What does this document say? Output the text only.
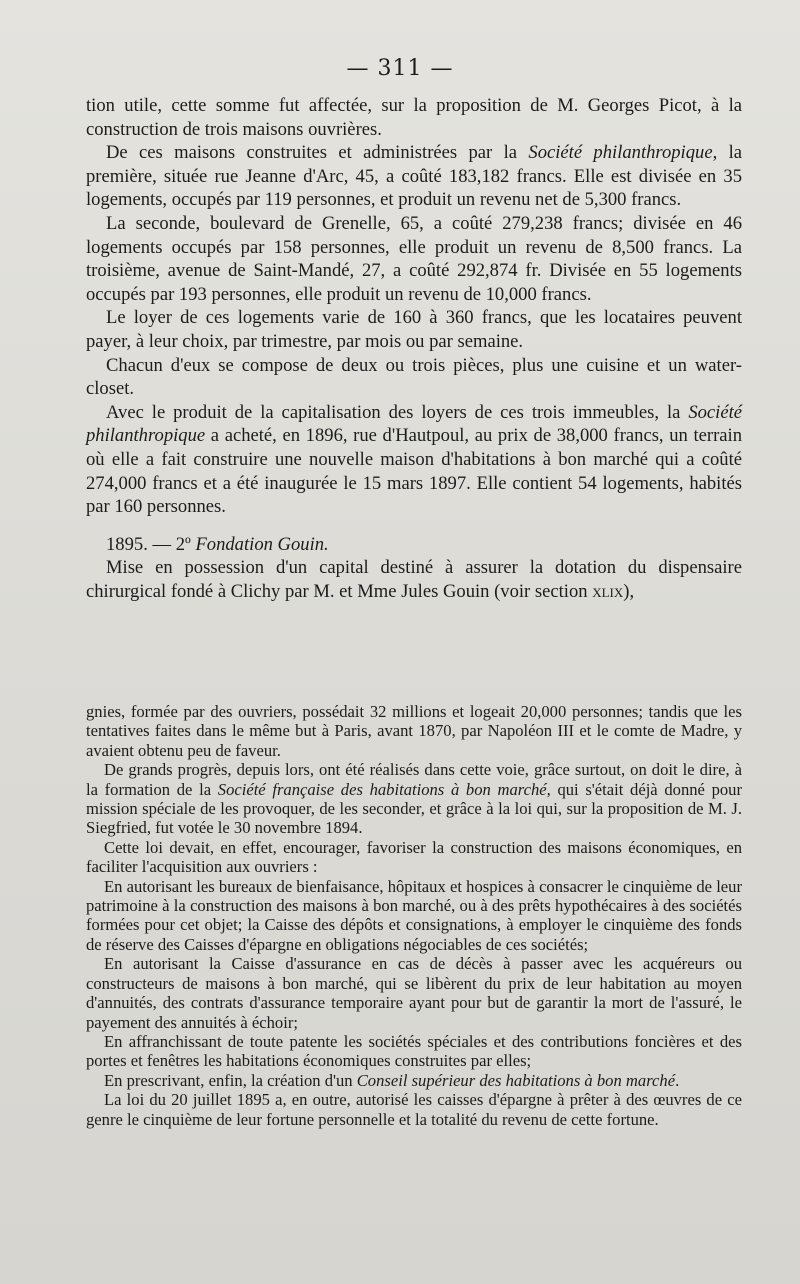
— 311 —

tion utile, cette somme fut affectée, sur la proposition de M. Georges Picot, à la construction de trois maisons ouvrières.

De ces maisons construites et administrées par la Société philanthropique, la première, située rue Jeanne d'Arc, 45, a coûté 183,182 francs. Elle est divisée en 35 logements, occupés par 119 personnes, et produit un revenu net de 5,300 francs.

La seconde, boulevard de Grenelle, 65, a coûté 279,238 francs; divisée en 46 logements occupés par 158 personnes, elle produit un revenu de 8,500 francs. La troisième, avenue de Saint-Mandé, 27, a coûté 292,874 fr. Divisée en 55 logements occupés par 193 personnes, elle produit un revenu de 10,000 francs.

Le loyer de ces logements varie de 160 à 360 francs, que les locataires peuvent payer, à leur choix, par trimestre, par mois ou par semaine.

Chacun d'eux se compose de deux ou trois pièces, plus une cuisine et un water-closet.

Avec le produit de la capitalisation des loyers de ces trois immeubles, la Société philanthropique a acheté, en 1896, rue d'Hautpoul, au prix de 38,000 francs, un terrain où elle a fait construire une nouvelle maison d'habitations à bon marché qui a coûté 274,000 francs et a été inaugurée le 15 mars 1897. Elle contient 54 logements, habités par 160 personnes.

1895. — 2º Fondation Gouin.

Mise en possession d'un capital destiné à assurer la dotation du dispensaire chirurgical fondé à Clichy par M. et Mme Jules Gouin (voir section xlix),

gnies, formée par des ouvriers, possédait 32 millions et logeait 20,000 personnes; tandis que les tentatives faites dans le même but à Paris, avant 1870, par Napoléon III et le comte de Madre, y avaient obtenu peu de faveur.

De grands progrès, depuis lors, ont été réalisés dans cette voie, grâce surtout, on doit le dire, à la formation de la Société française des habitations à bon marché, qui s'était déjà donné pour mission spéciale de les provoquer, de les seconder, et grâce à la loi qui, sur la proposition de M. J. Siegfried, fut votée le 30 novembre 1894.

Cette loi devait, en effet, encourager, favoriser la construction des maisons économiques, en faciliter l'acquisition aux ouvriers :

En autorisant les bureaux de bienfaisance, hôpitaux et hospices à consacrer le cinquième de leur patrimoine à la construction des maisons à bon marché, ou à des prêts hypothécaires à des sociétés formées pour cet objet; la Caisse des dépôts et consignations, à employer le cinquième des fonds de réserve des Caisses d'épargne en obligations négociables de ces sociétés;

En autorisant la Caisse d'assurance en cas de décès à passer avec les acquéreurs ou constructeurs de maisons à bon marché, qui se libèrent du prix de leur habitation au moyen d'annuités, des contrats d'assurance temporaire ayant pour but de garantir la mort de l'assuré, le payement des annuités à échoir;

En affranchissant de toute patente les sociétés spéciales et des contributions foncières et des portes et fenêtres les habitations économiques construites par elles;

En prescrivant, enfin, la création d'un Conseil supérieur des habitations à bon marché.

La loi du 20 juillet 1895 a, en outre, autorisé les caisses d'épargne à prêter à des œuvres de ce genre le cinquième de leur fortune personnelle et la totalité du revenu de cette fortune.
